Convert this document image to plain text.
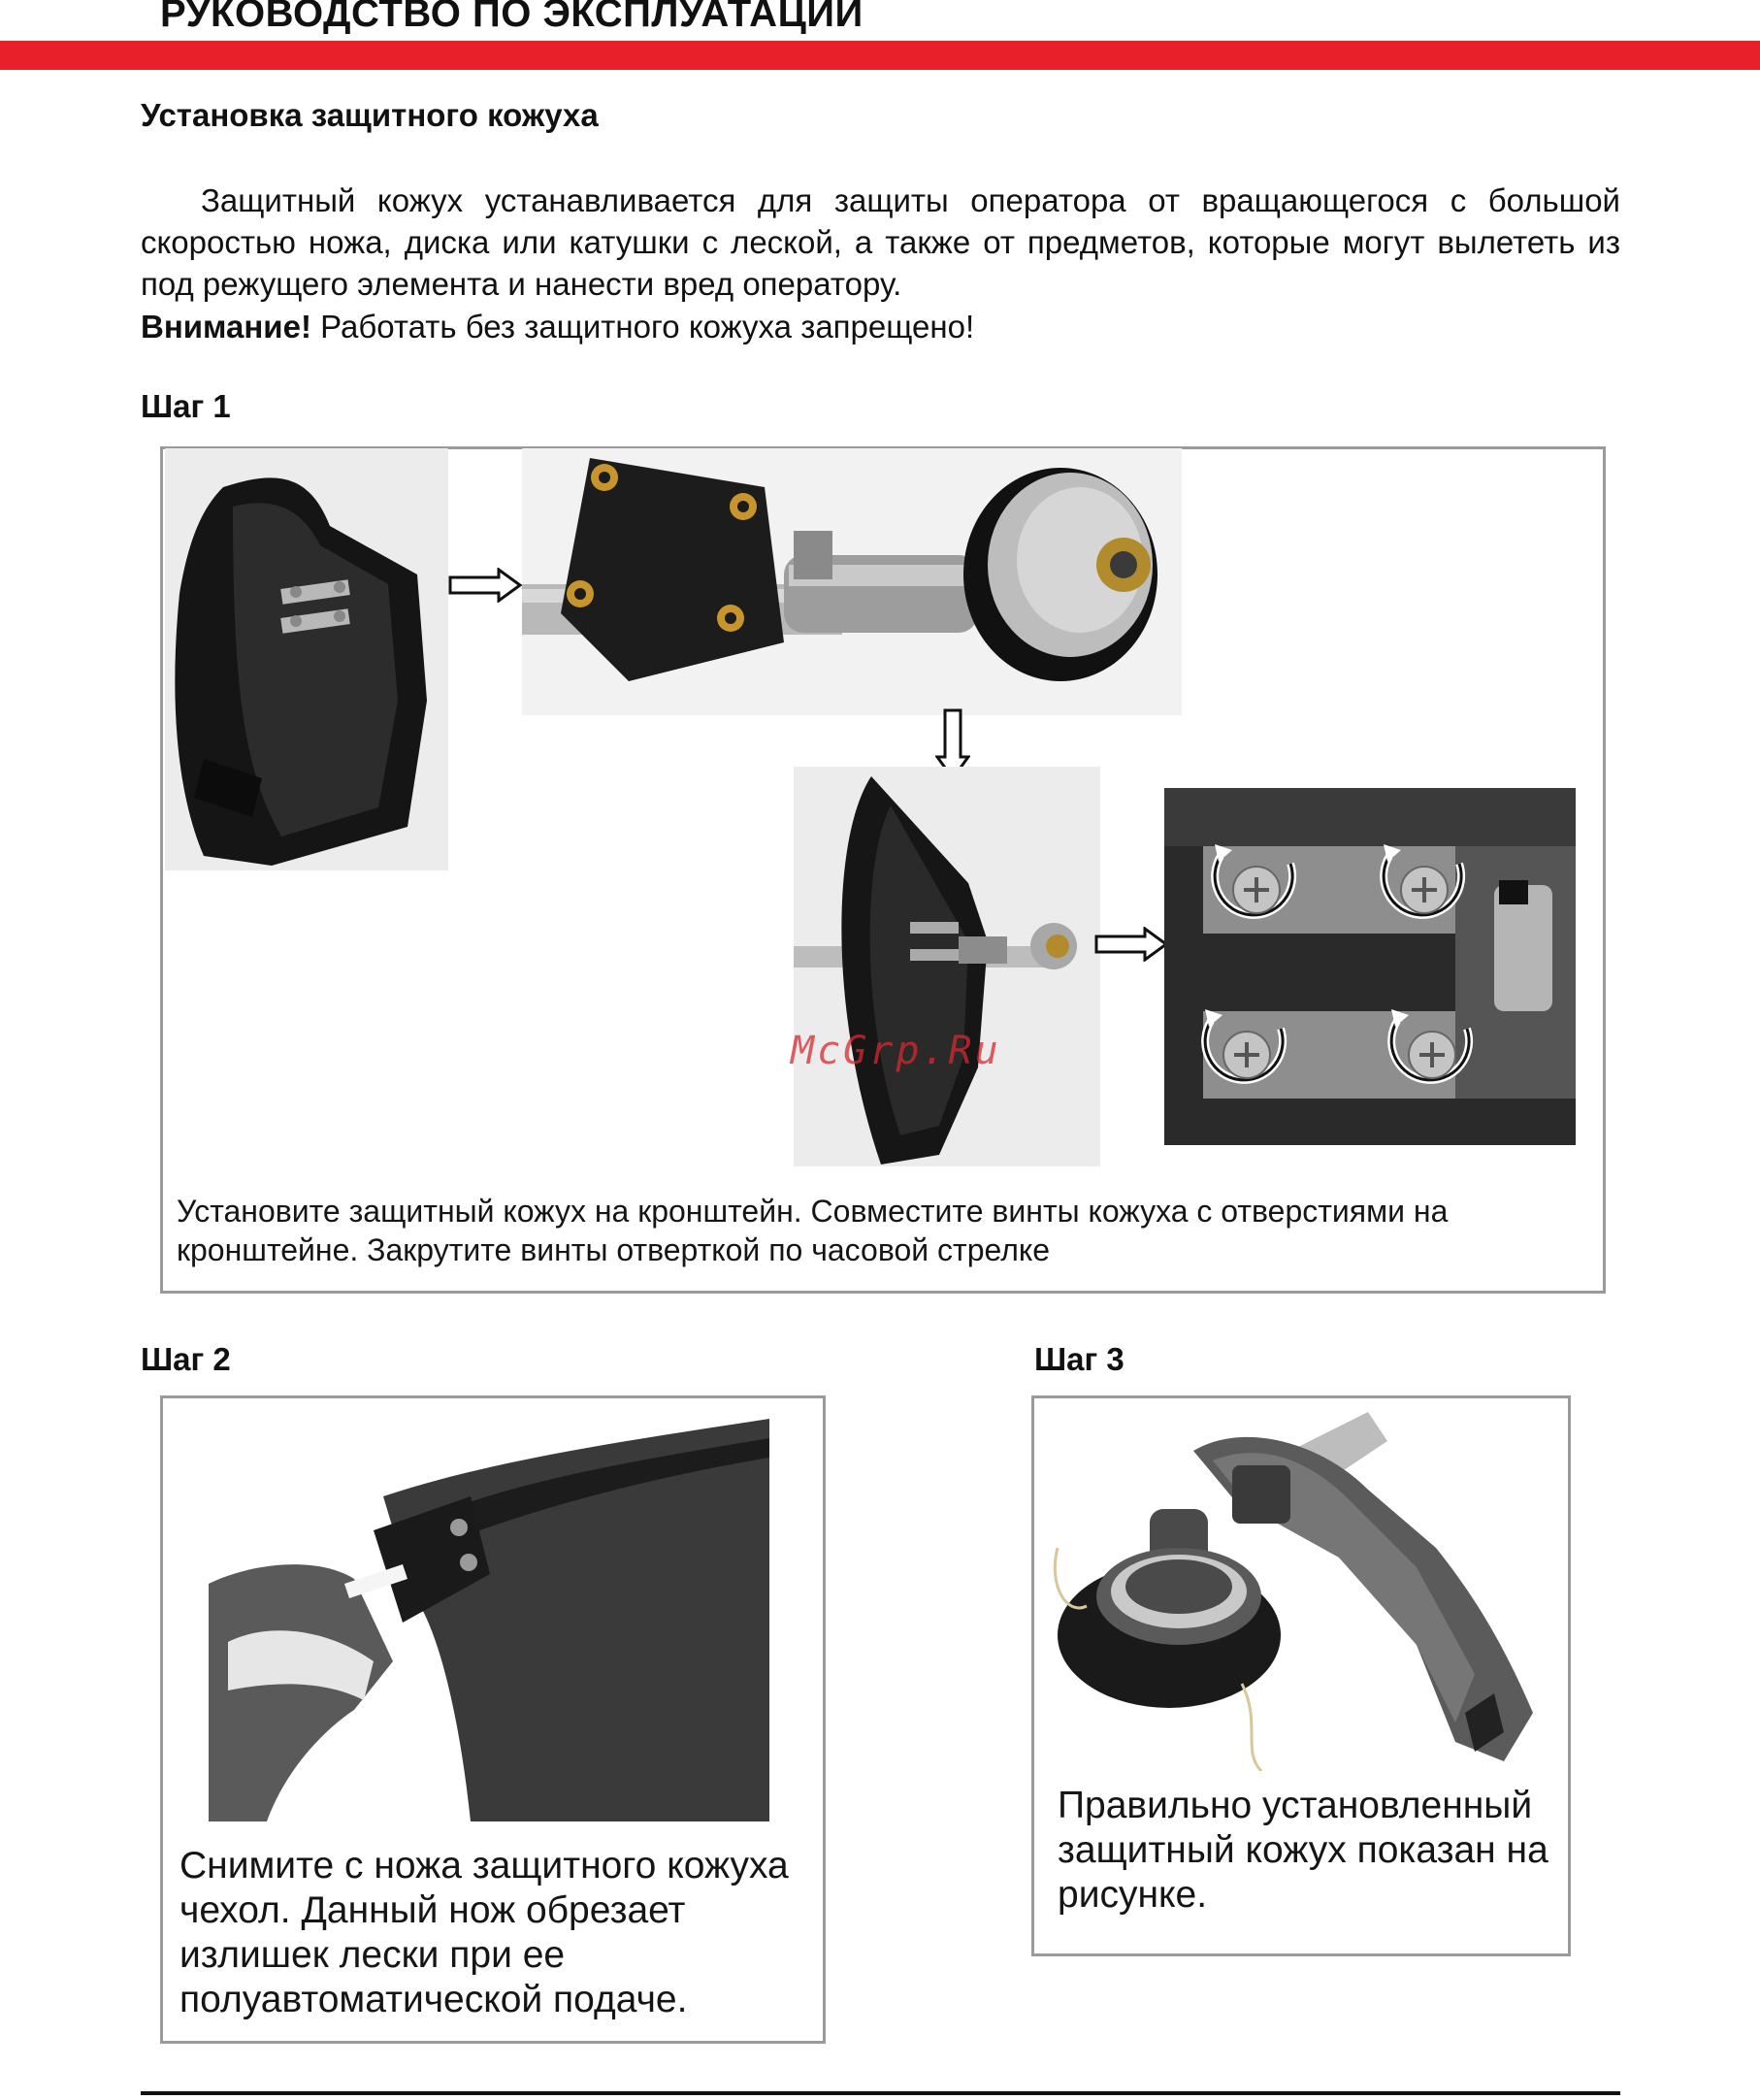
РУКОВОДСТВО ПО ЭКСПЛУАТАЦИИ
Установка защитного кожуха

Защитный кожух устанавливается для защиты оператора от вращающегося с большой скоростью ножа, диска или катушки с леской, а также от предметов, которые могут вылететь из под режущего элемента и нанести вред оператору.

Внимание! Работать без защитного кожуха запрещено!

Шаг 1
McGrp.Ru
Установите защитный кожух на кронштейн. Совместите винты кожуха с отверстиями на кронштейне. Закрутите винты отверткой по часовой стрелке
Шаг 2
Снимите с ножа защитного кожуха чехол. Данный нож обрезает излишек лески при ее полуавтоматической подаче.
Шаг 3
Правильно установленный защитный кожух показан на рисунке.
